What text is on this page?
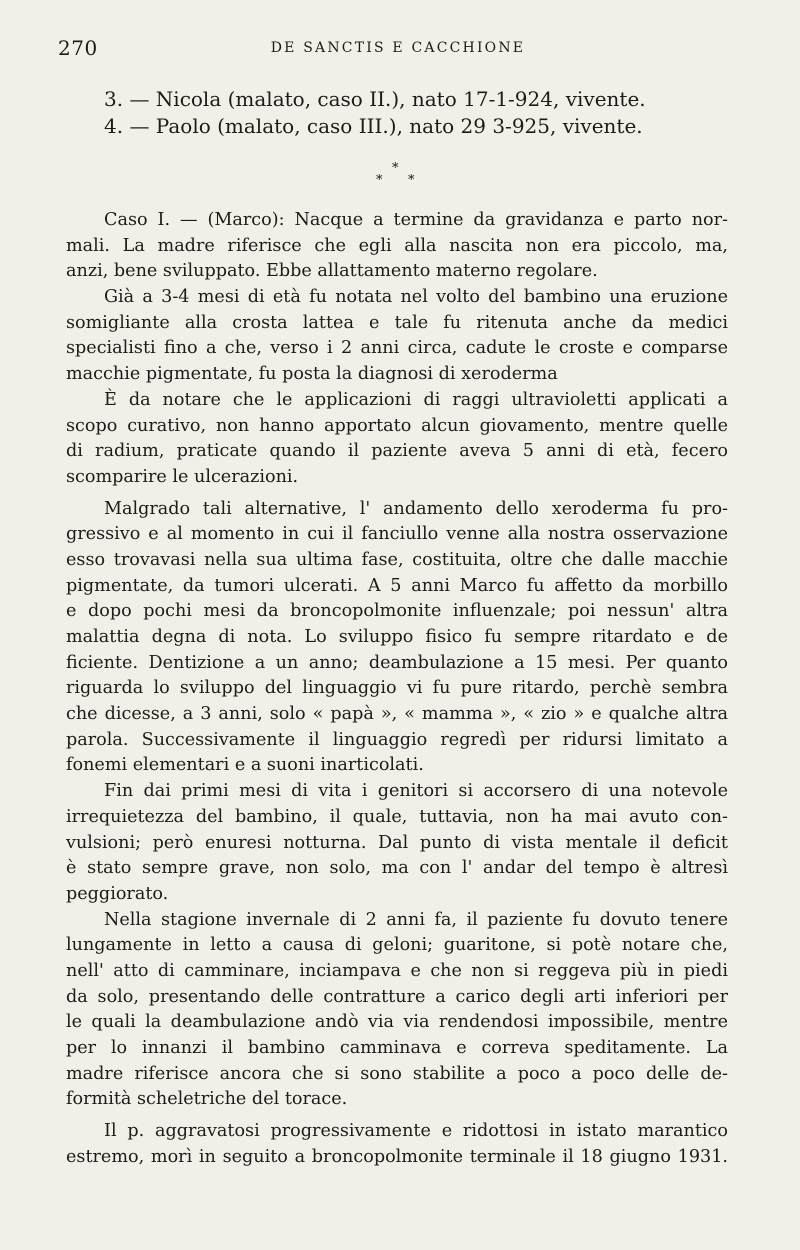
270	DE SANCTIS E CACCHIONE
3. — Nicola (malato, caso II.), nato 17-1-924, vivente.
4. — Paolo (malato, caso III.), nato 29 3-925, vivente.
*
* *
Caso I. — (Marco): Nacque a termine da gravidanza e parto nor-
mali. La madre riferisce che egli alla nascita non era piccolo, ma,
anzi, bene sviluppato. Ebbe allattamento materno regolare.
Già a 3-4 mesi di età fu notata nel volto del bambino una eruzione
somigliante alla crosta lattea e tale fu ritenuta anche da medici
specialisti fino a che, verso i 2 anni circa, cadute le croste e comparse
macchie pigmentate, fu posta la diagnosi di xeroderma
È da notare che le applicazioni di raggi ultravioletti applicati a
scopo curativo, non hanno apportato alcun giovamento, mentre quelle
di radium, praticate quando il paziente aveva 5 anni di età, fecero
scomparire le ulcerazioni.
Malgrado tali alternative, l' andamento dello xeroderma fu pro-
gressivo e al momento in cui il fanciullo venne alla nostra osservazione
esso trovavasi nella sua ultima fase, costituita, oltre che dalle macchie
pigmentate, da tumori ulcerati. A 5 anni Marco fu affetto da morbillo
e dopo pochi mesi da broncopolmonite influenzale; poi nessun' altra
malattia degna di nota. Lo sviluppo fisico fu sempre ritardato e de
ficiente. Dentizione a un anno; deambulazione a 15 mesi. Per quanto
riguarda lo sviluppo del linguaggio vi fu pure ritardo, perchè sembra
che dicesse, a 3 anni, solo « papà », « mamma », « zio » e qualche altra
parola. Successivamente il linguaggio regredì per ridursi limitato a
fonemi elementari e a suoni inarticolati.
Fin dai primi mesi di vita i genitori si accorsero di una notevole
irrequietezza del bambino, il quale, tuttavia, non ha mai avuto con-
vulsioni; però enuresi notturna. Dal punto di vista mentale il deficit
è stato sempre grave, non solo, ma con l' andar del tempo è altresì
peggiorato.
Nella stagione invernale di 2 anni fa, il paziente fu dovuto tenere
lungamente in letto a causa di geloni; guaritone, si potè notare che,
nell' atto di camminare, inciampava e che non si reggeva più in piedi
da solo, presentando delle contratture a carico degli arti inferiori per
le quali la deambulazione andò via via rendendosi impossibile, mentre
per lo innanzi il bambino camminava e correva speditamente. La
madre riferisce ancora che si sono stabilite a poco a poco delle de-
formità scheletriche del torace.
Il p. aggravatosi progressivamente e ridottosi in istato marantico
estremo, morì in seguito a broncopolmonite terminale il 18 giugno 1931.
